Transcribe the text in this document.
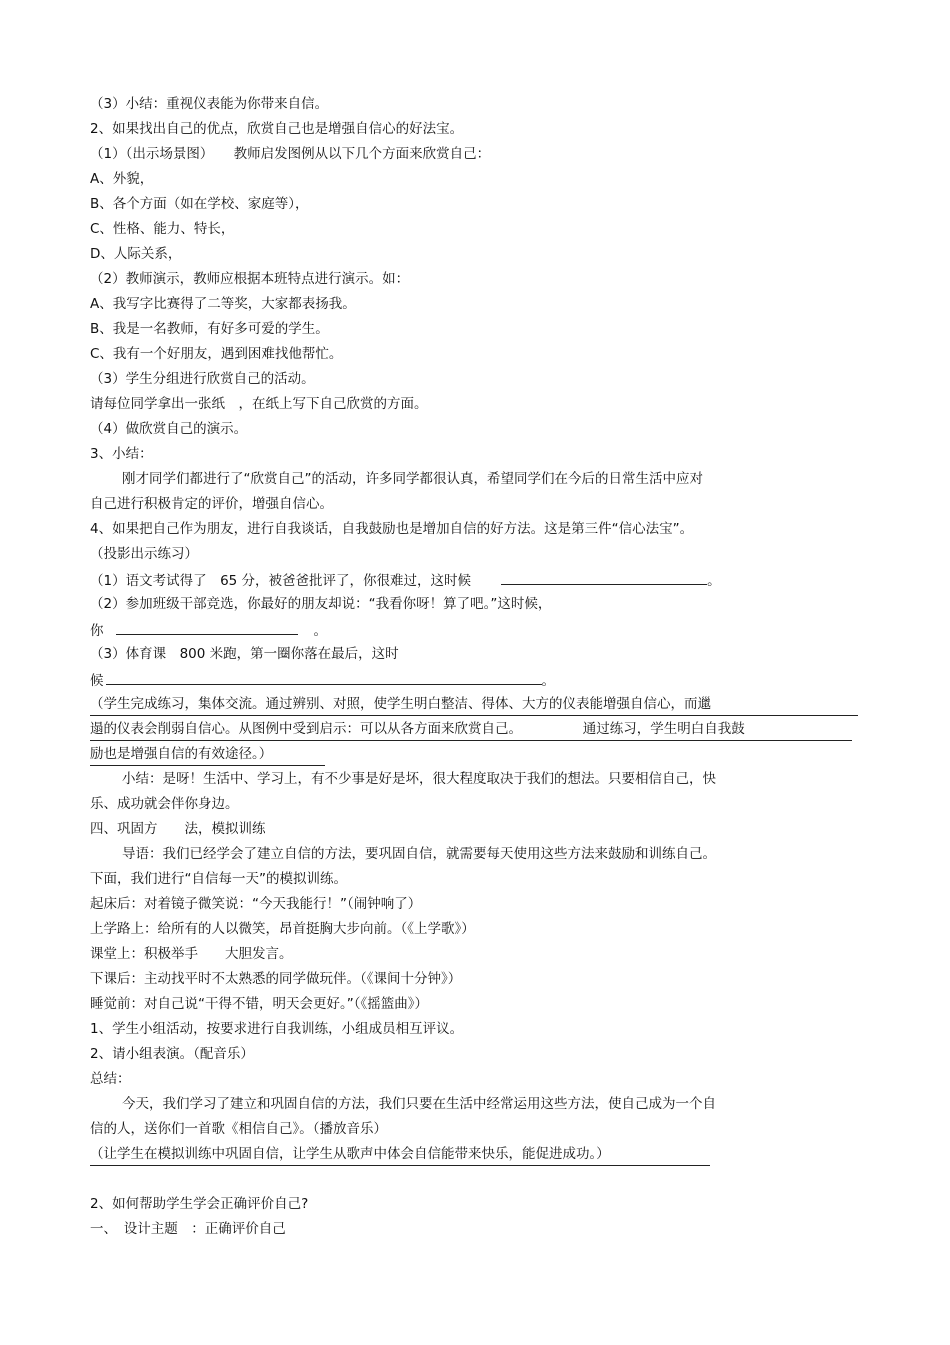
（3）小结：重视仪表能为你带来自信。
2、如果找出自己的优点，欣赏自己也是增强自信心的好法宝。
（1）（出示场景图）　　教师启发图例从以下几个方面来欣赏自己：
A、外貌，
B、各个方面（如在学校、家庭等），
C、性格、能力、特长，
D、人际关系，
（2）教师演示，教师应根据本班特点进行演示。如：
A、我写字比赛得了二等奖，大家都表扬我。
B、我是一名教师，有好多可爱的学生。
C、我有一个好朋友，遇到困难找他帮忙。
（3）学生分组进行欣赏自己的活动。
请每位同学拿出一张纸　，在纸上写下自己欣赏的方面。
（4）做欣赏自己的演示。
3、小结：
刚才同学们都进行了“欣赏自己”的活动，许多同学都很认真，希望同学们在今后的日常生活中应对
自己进行积极肯定的评价，增强自信心。
4、如果把自己作为朋友，进行自我谈话，自我鼓励也是增加自信的好方法。这是第三件“信心法宝”。
（投影出示练习）
（1）语文考试得了　65 分，被爸爸批评了，你很难过，这时候	。
（2）参加班级干部竞选，你最好的朋友却说：“我看你呀！算了吧。”这时候，
你	。
（3）体育课　800 米跑，第一圈你落在最后，这时
候	。
（学生完成练习，集体交流。通过辨别、对照，使学生明白整洁、得体、大方的仪表能增强自信心，而邋
遢的仪表会削弱自信心。从图例中受到启示：可以从各方面来欣赏自己。　　　　　通过练习，学生明白自我鼓
励也是增强自信的有效途径。）
小结：是呀！生活中、学习上，有不少事是好是坏，很大程度取决于我们的想法。只要相信自己，快
乐、成功就会伴你身边。
四、巩固方　　法，模拟训练
导语：我们已经学会了建立自信的方法，要巩固自信，就需要每天使用这些方法来鼓励和训练自己。
下面，我们进行“自信每一天”的模拟训练。
起床后：对着镜子微笑说：“今天我能行！”（闹钟响了）
上学路上：给所有的人以微笑，昂首挺胸大步向前。（《上学歌》）
课堂上：积极举手　　大胆发言。
下课后：主动找平时不太熟悉的同学做玩伴。（《课间十分钟》）
睡觉前：对自己说“干得不错，明天会更好。”（《摇篮曲》）
1、学生小组活动，按要求进行自我训练，小组成员相互评议。
2、请小组表演。（配音乐）
总结：
今天，我们学习了建立和巩固自信的方法，我们只要在生活中经常运用这些方法，使自己成为一个自
信的人，送你们一首歌《相信自己》。（播放音乐）
（让学生在模拟训练中巩固自信，让学生从歌声中体会自信能带来快乐，能促进成功。）
2、如何帮助学生学会正确评价自己?
一、　设计主题　：正确评价自己
